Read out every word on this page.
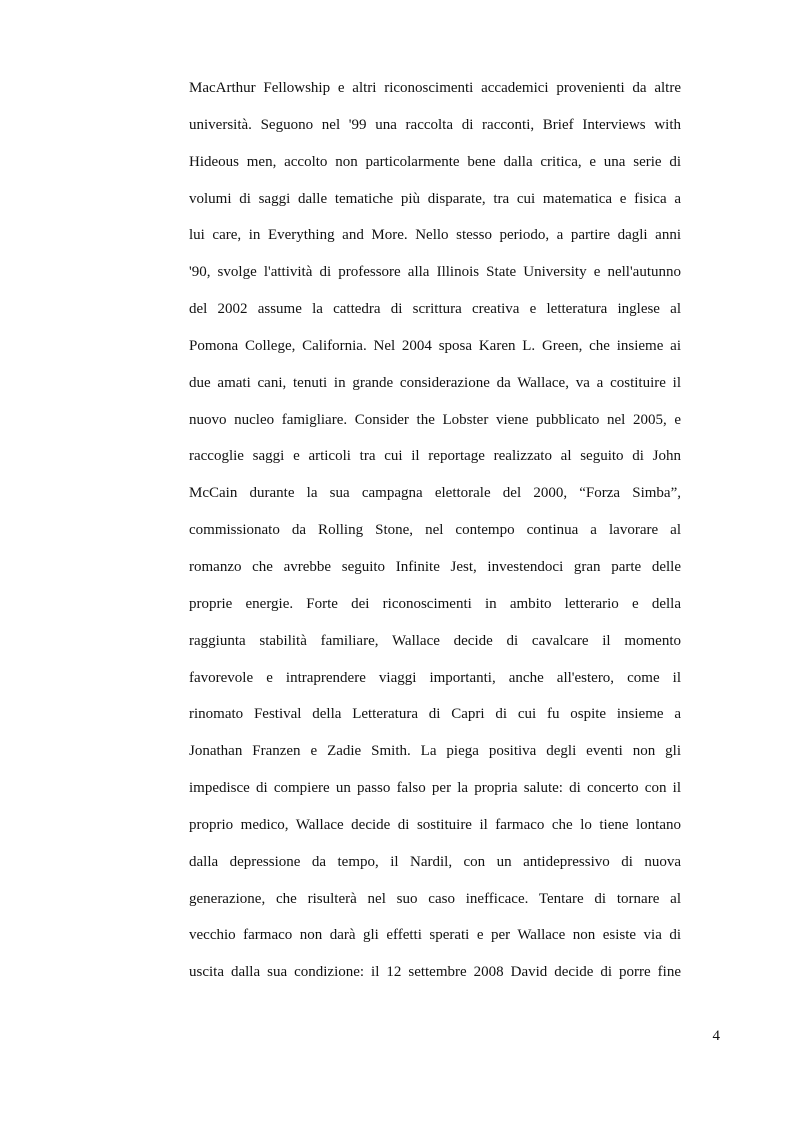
MacArthur Fellowship e altri riconoscimenti accademici provenienti da altre
università. Seguono nel '99 una raccolta di racconti, Brief Interviews with
Hideous men, accolto non particolarmente bene dalla critica, e una serie di
volumi di saggi dalle tematiche più disparate, tra cui matematica e fisica a
lui care, in Everything and More. Nello stesso periodo, a partire dagli anni
'90, svolge l'attività di professore alla Illinois State University e nell'autunno
del 2002 assume la cattedra di scrittura creativa e letteratura inglese al
Pomona College, California. Nel 2004 sposa Karen L. Green, che insieme ai
due amati cani, tenuti in grande considerazione da Wallace, va a costituire il
nuovo nucleo famigliare. Consider the Lobster viene pubblicato nel 2005, e
raccoglie saggi e articoli tra cui il reportage realizzato al seguito di John
McCain durante la sua campagna elettorale del 2000, “Forza Simba”,
commissionato da Rolling Stone, nel contempo continua a lavorare al
romanzo che avrebbe seguito Infinite Jest, investendoci gran parte delle
proprie energie. Forte dei riconoscimenti in ambito letterario e della
raggiunta stabilità familiare, Wallace decide di cavalcare il momento
favorevole e intraprendere viaggi importanti, anche all'estero, come il
rinomato Festival della Letteratura di Capri di cui fu ospite insieme a
Jonathan Franzen e Zadie Smith. La piega positiva degli eventi non gli
impedisce di compiere un passo falso per la propria salute: di concerto con il
proprio medico, Wallace decide di sostituire il farmaco che lo tiene lontano
dalla depressione da tempo, il Nardil, con un antidepressivo di nuova
generazione, che risulterà nel suo caso inefficace. Tentare di tornare al
vecchio farmaco non darà gli effetti sperati e per Wallace non esiste via di
uscita dalla sua condizione: il 12 settembre 2008 David decide di porre fine
4
